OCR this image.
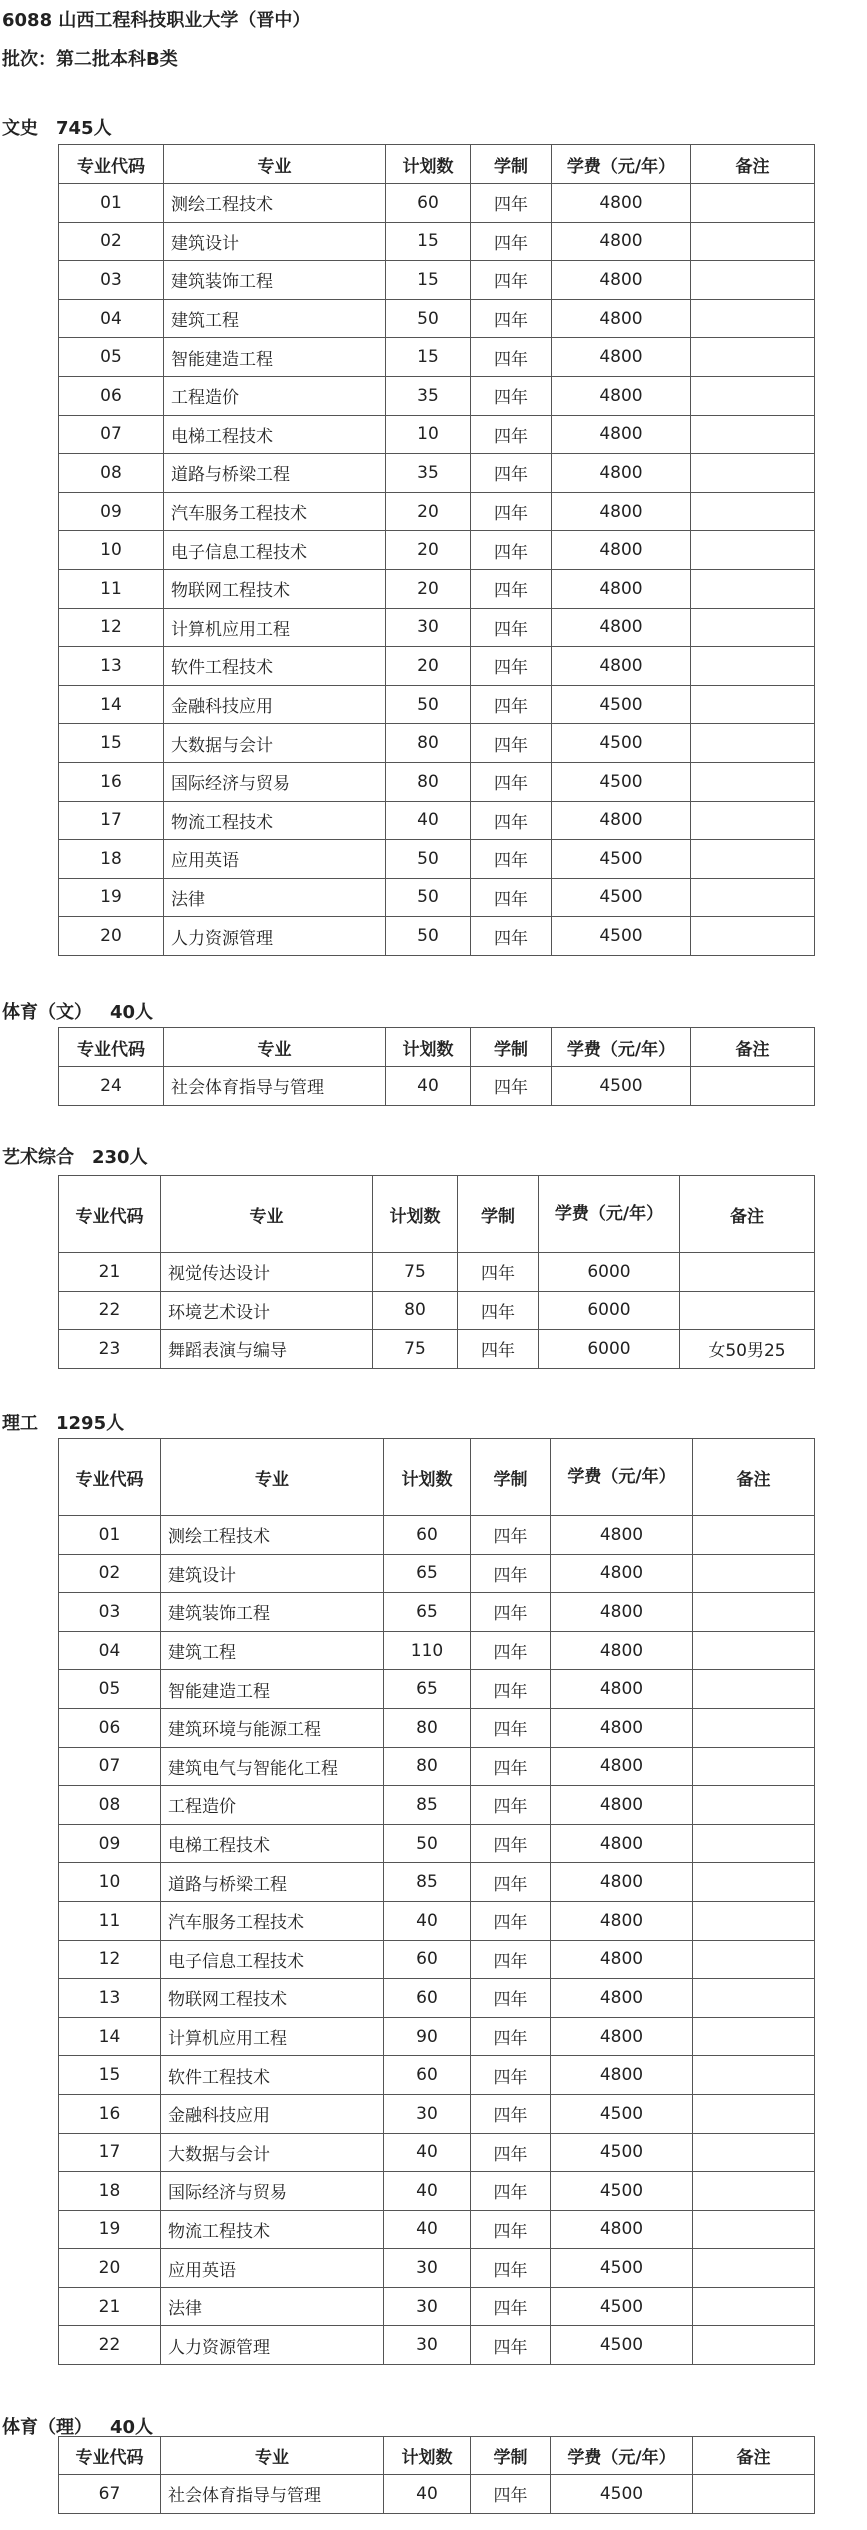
6088 山西工程科技职业大学（晋中）
批次：第二批本科B类
文史 745人
专业代码	专业	计划数	学制	学费（元/年）	备注
01	测绘工程技术	60	四年	4800	
02	建筑设计	15	四年	4800	
03	建筑装饰工程	15	四年	4800	
04	建筑工程	50	四年	4800	
05	智能建造工程	15	四年	4800	
06	工程造价	35	四年	4800	
07	电梯工程技术	10	四年	4800	
08	道路与桥梁工程	35	四年	4800	
09	汽车服务工程技术	20	四年	4800	
10	电子信息工程技术	20	四年	4800	
11	物联网工程技术	20	四年	4800	
12	计算机应用工程	30	四年	4800	
13	软件工程技术	20	四年	4800	
14	金融科技应用	50	四年	4500	
15	大数据与会计	80	四年	4500	
16	国际经济与贸易	80	四年	4500	
17	物流工程技术	40	四年	4800	
18	应用英语	50	四年	4500	
19	法律	50	四年	4500	
20	人力资源管理	50	四年	4500	
体育（文） 40人
专业代码	专业	计划数	学制	学费（元/年）	备注
24	社会体育指导与管理	40	四年	4500	
艺术综合 230人
专业代码	专业	计划数	学制	学费（元/年）	备注
21	视觉传达设计	75	四年	6000	
22	环境艺术设计	80	四年	6000	
23	舞蹈表演与编导	75	四年	6000	女50男25
理工 1295人
专业代码	专业	计划数	学制	学费（元/年）	备注
01	测绘工程技术	60	四年	4800	
02	建筑设计	65	四年	4800	
03	建筑装饰工程	65	四年	4800	
04	建筑工程	110	四年	4800	
05	智能建造工程	65	四年	4800	
06	建筑环境与能源工程	80	四年	4800	
07	建筑电气与智能化工程	80	四年	4800	
08	工程造价	85	四年	4800	
09	电梯工程技术	50	四年	4800	
10	道路与桥梁工程	85	四年	4800	
11	汽车服务工程技术	40	四年	4800	
12	电子信息工程技术	60	四年	4800	
13	物联网工程技术	60	四年	4800	
14	计算机应用工程	90	四年	4800	
15	软件工程技术	60	四年	4800	
16	金融科技应用	30	四年	4500	
17	大数据与会计	40	四年	4500	
18	国际经济与贸易	40	四年	4500	
19	物流工程技术	40	四年	4800	
20	应用英语	30	四年	4500	
21	法律	30	四年	4500	
22	人力资源管理	30	四年	4500	
体育（理） 40人
专业代码	专业	计划数	学制	学费（元/年）	备注
67	社会体育指导与管理	40	四年	4500	
